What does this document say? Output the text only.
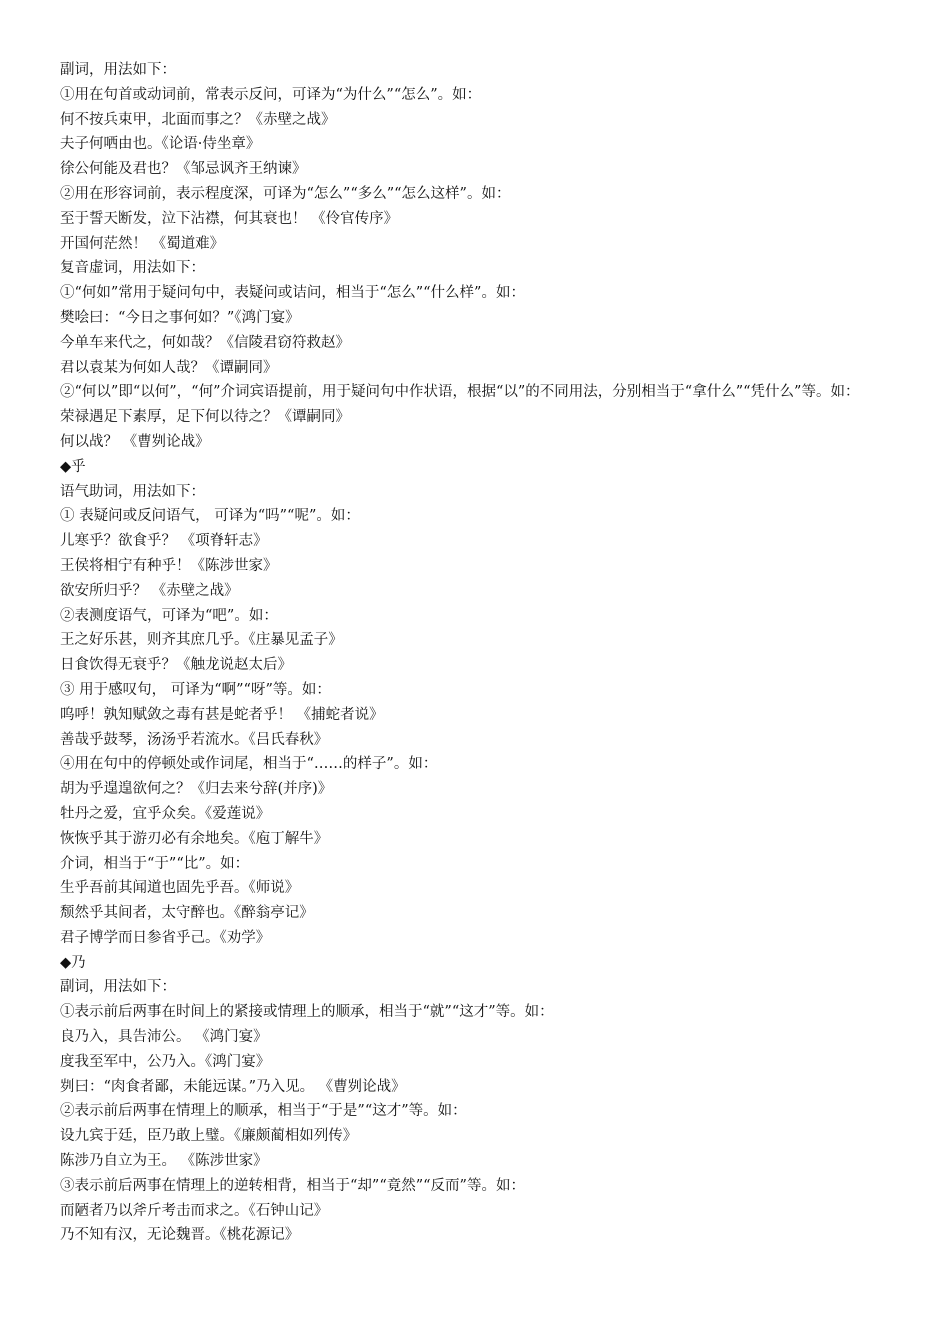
副词，用法如下：
①用在句首或动词前，常表示反问，可译为“为什么”“怎么”。如：
何不按兵束甲，北面而事之？《赤壁之战》
夫子何哂由也。《论语·侍坐章》
徐公何能及君也？《邹忌讽齐王纳谏》
②用在形容词前，表示程度深，可译为“怎么”“多么”“怎么这样”。如：
至于誓天断发，泣下沾襟，何其衰也！ 《伶官传序》
开国何茫然！ 《蜀道难》
复音虚词，用法如下：
①“何如”常用于疑问句中，表疑问或诘问，相当于“怎么”“什么样”。如：
樊哙曰：“今日之事何如？”《鸿门宴》
今单车来代之，何如哉？《信陵君窃符救赵》
君以袁某为何如人哉？《谭嗣同》
②“何以”即“以何”，“何”介词宾语提前，用于疑问句中作状语，根据“以”的不同用法，分别相当于“拿什么”“凭什么”等。如：
荣禄遇足下素厚，足下何以待之？《谭嗣同》
何以战？ 《曹刿论战》
◆乎
语气助词，用法如下：
① 表疑问或反问语气， 可译为“吗”“呢”。如：
儿寒乎？欲食乎？ 《项脊轩志》
王侯将相宁有种乎！《陈涉世家》
欲安所归乎？ 《赤壁之战》
②表测度语气，可译为“吧”。如：
王之好乐甚，则齐其庶几乎。《庄暴见孟子》
日食饮得无衰乎？《触龙说赵太后》
③ 用于感叹句， 可译为“啊”“呀”等。如：
呜呼！孰知赋敛之毒有甚是蛇者乎！ 《捕蛇者说》
善哉乎鼓琴，汤汤乎若流水。《吕氏春秋》
④用在句中的停顿处或作词尾，相当于“……的样子”。如：
胡为乎遑遑欲何之？《归去来兮辞(并序)》
牡丹之爱，宜乎众矣。《爱莲说》
恢恢乎其于游刃必有余地矣。《庖丁解牛》
介词，相当于“于”“比”。如：
生乎吾前其闻道也固先乎吾。《师说》
颓然乎其间者，太守醉也。《醉翁亭记》
君子博学而日参省乎己。《劝学》
◆乃
副词，用法如下：
①表示前后两事在时间上的紧接或情理上的顺承，相当于“就”“这才”等。如：
良乃入，具告沛公。 《鸿门宴》
度我至军中，公乃入。《鸿门宴》
刿曰：“肉食者鄙，未能远谋。”乃入见。 《曹刿论战》
②表示前后两事在情理上的顺承，相当于“于是”“这才”等。如：
设九宾于廷，臣乃敢上璧。《廉颇蔺相如列传》
陈涉乃自立为王。 《陈涉世家》
③表示前后两事在情理上的逆转相背，相当于“却”“竟然”“反而”等。如：
而陋者乃以斧斤考击而求之。《石钟山记》
乃不知有汉，无论魏晋。《桃花源记》
